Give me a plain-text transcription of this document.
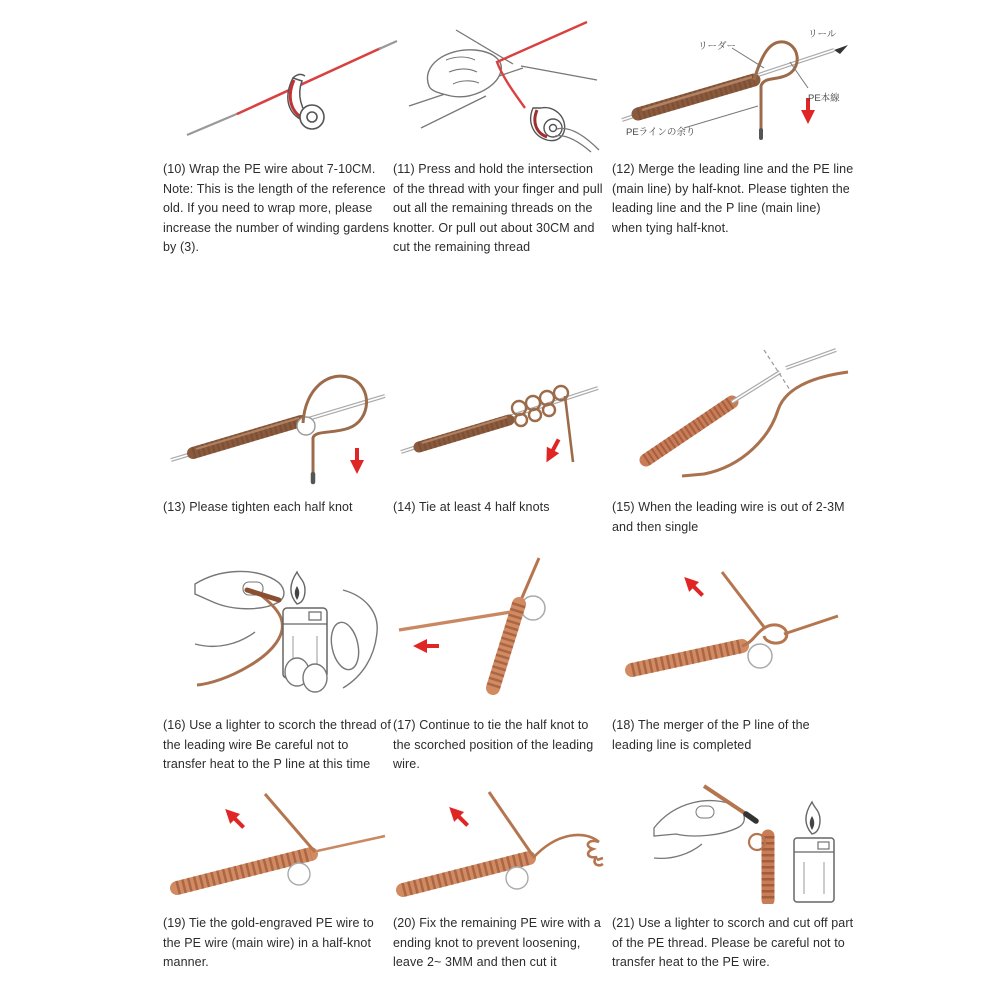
(10) Wrap the PE wire about 7-10CM. Note: This is the length of the reference old. If you need to wrap more, please increase the number of winding gardens by (3).

(11) Press and hold the intersection of the thread with your finger and pull out all the remaining threads on the knotter. Or pull out about 30CM and cut the remaining thread

リーダー
リール
PE本線
PEラインの余り

(12) Merge the leading line and the PE line (main line) by half-knot. Please tighten the leading line and the P line (main line) when tying half-knot.

(13) Please tighten each half knot	(14) Tie at least 4 half knots	(15) When the leading wire is out of 2-3M and then single

(16) Use a lighter to scorch the thread of the leading wire Be careful not to transfer heat to the P line at this time

(17) Continue to tie the half knot to the scorched position of the leading wire.

(18) The merger of the P line of the leading line is completed

(19) Tie the gold-engraved PE wire to the PE wire (main wire) in a half-knot manner.

(20) Fix the remaining PE wire with a ending knot to prevent loosening, leave 2~ 3MM and then cut it

(21) Use a lighter to scorch and cut off part of the PE thread. Please be careful not to transfer heat to the PE wire.
